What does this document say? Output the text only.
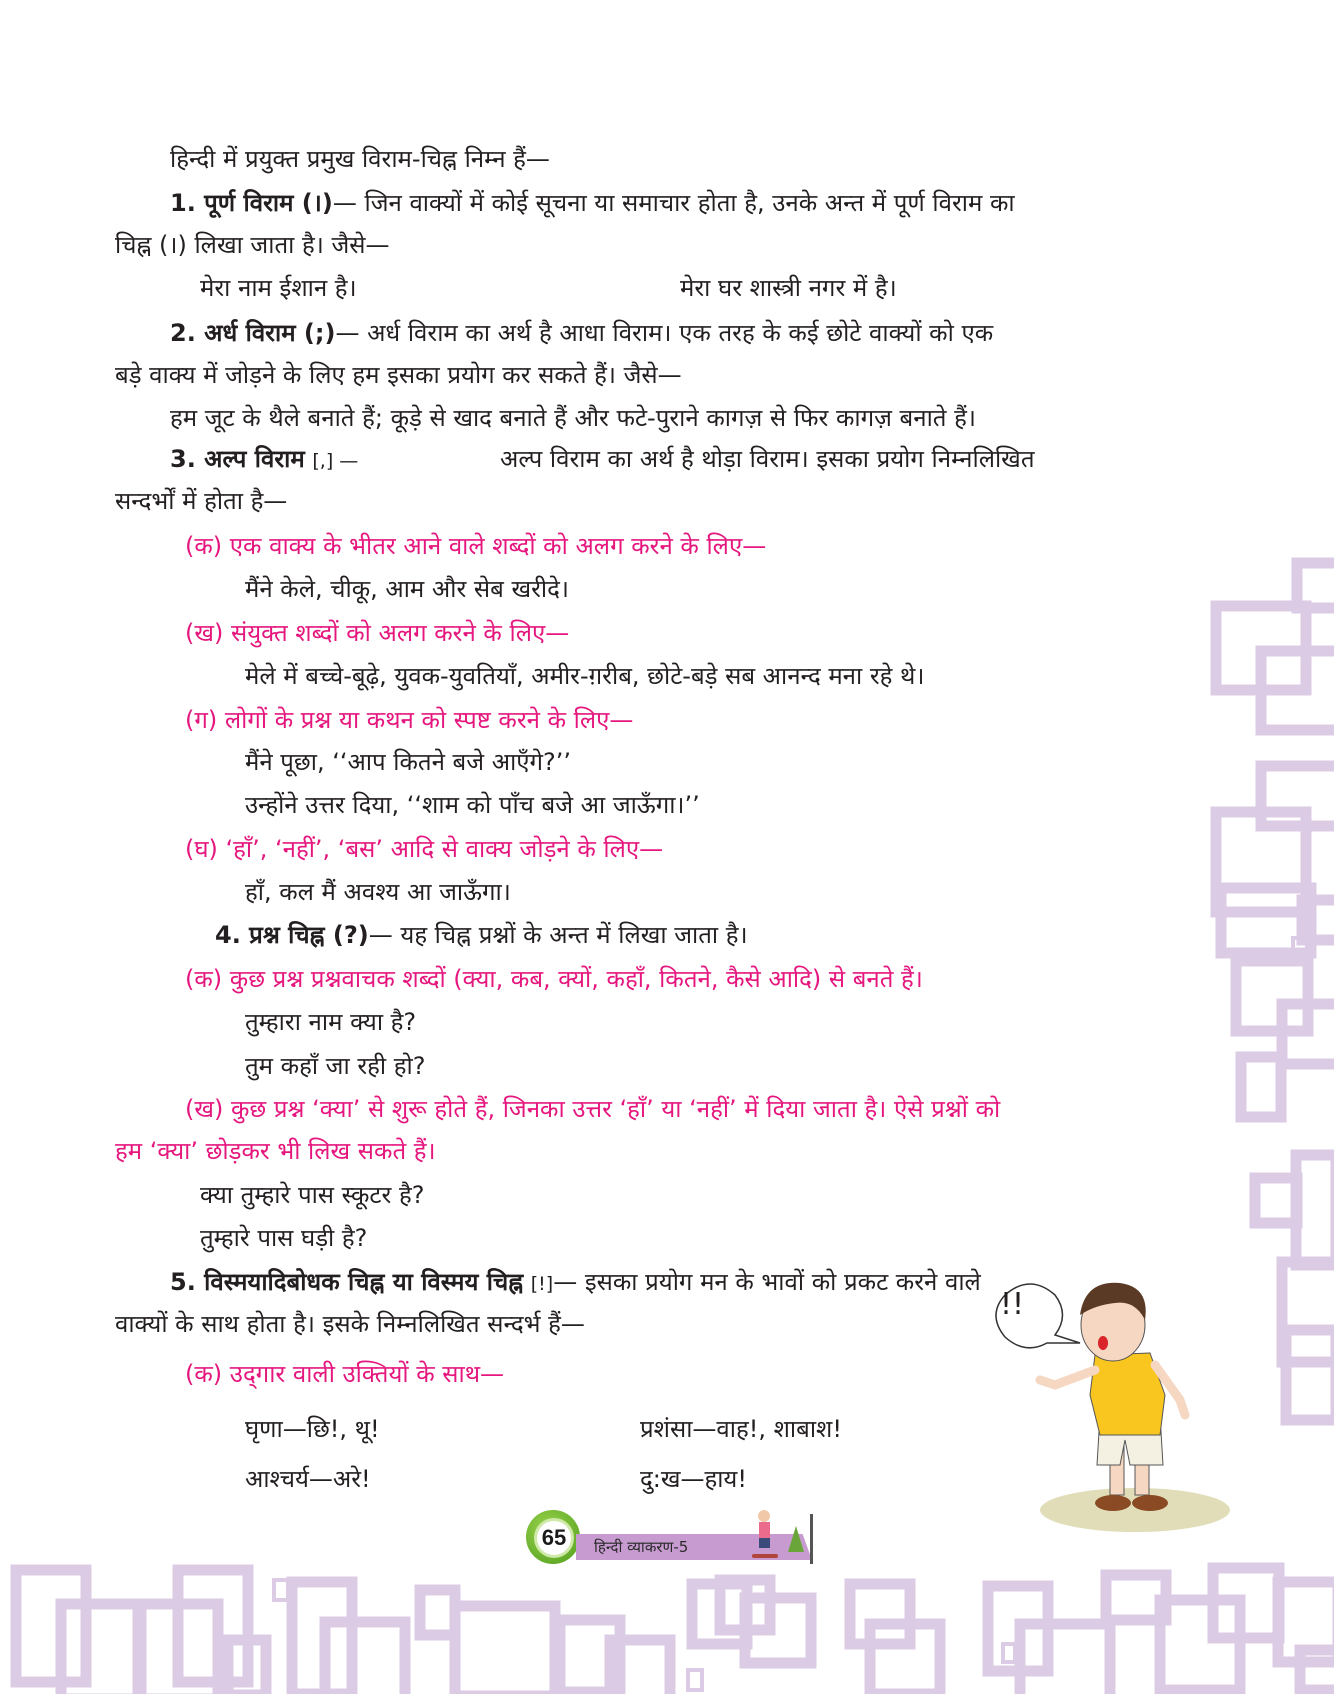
हिन्दी में प्रयुक्त प्रमुख विराम-चिह्न निम्न हैं—
1. पूर्ण विराम (।)— जिन वाक्यों में कोई सूचना या समाचार होता है, उनके अन्त में पूर्ण विराम का
चिह्न (।) लिखा जाता है। जैसे—
मेरा नाम ईशान है।	मेरा घर शास्त्री नगर में है।
2. अर्ध विराम (;)— अर्ध विराम का अर्थ है आधा विराम। एक तरह के कई छोटे वाक्यों को एक
बड़े वाक्य में जोड़ने के लिए हम इसका प्रयोग कर सकते हैं। जैसे—
हम जूट के थैले बनाते हैं; कूड़े से खाद बनाते हैं और फटे-पुराने कागज़ से फिर कागज़ बनाते हैं।
3. अल्प विराम [,] —	अल्प विराम का अर्थ है थोड़ा विराम। इसका प्रयोग निम्नलिखित
सन्दर्भों में होता है—
(क) एक वाक्य के भीतर आने वाले शब्दों को अलग करने के लिए—
मैंने केले, चीकू, आम और सेब खरीदे।
(ख) संयुक्त शब्दों को अलग करने के लिए—
मेले में बच्चे-बूढ़े, युवक-युवतियाँ, अमीर-ग़रीब, छोटे-बड़े सब आनन्द मना रहे थे।
(ग) लोगों के प्रश्न या कथन को स्पष्ट करने के लिए—
मैंने पूछा, ‘‘आप कितने बजे आएँगे?’’
उन्होंने उत्तर दिया, ‘‘शाम को पाँच बजे आ जाऊँगा।’’
(घ) ‘हाँ’, ‘नहीं’, ‘बस’ आदि से वाक्य जोड़ने के लिए—
हाँ, कल मैं अवश्य आ जाऊँगा।
4. प्रश्न चिह्न (?)— यह चिह्न प्रश्नों के अन्त में लिखा जाता है।
(क) कुछ प्रश्न प्रश्नवाचक शब्दों (क्या, कब, क्यों, कहाँ, कितने, कैसे आदि) से बनते हैं।
तुम्हारा नाम क्या है?
तुम कहाँ जा रही हो?
(ख) कुछ प्रश्न ‘क्या’ से शुरू होते हैं, जिनका उत्तर ‘हाँ’ या ‘नहीं’ में दिया जाता है। ऐसे प्रश्नों को
हम ‘क्या’ छोड़कर भी लिख सकते हैं।
क्या तुम्हारे पास स्कूटर है?
तुम्हारे पास घड़ी है?
5. विस्मयादिबोधक चिह्न या विस्मय चिह्न [!]— इसका प्रयोग मन के भावों को प्रकट करने वाले
वाक्यों के साथ होता है। इसके निम्नलिखित सन्दर्भ हैं—
(क) उद्‌गार वाली उक्तियों के साथ—
घृणा—छि!, थू!	प्रशंसा—वाह!, शाबाश!
आश्चर्य—अरे!	दु:ख—हाय!
!!
65	हिन्दी व्याकरण-5
